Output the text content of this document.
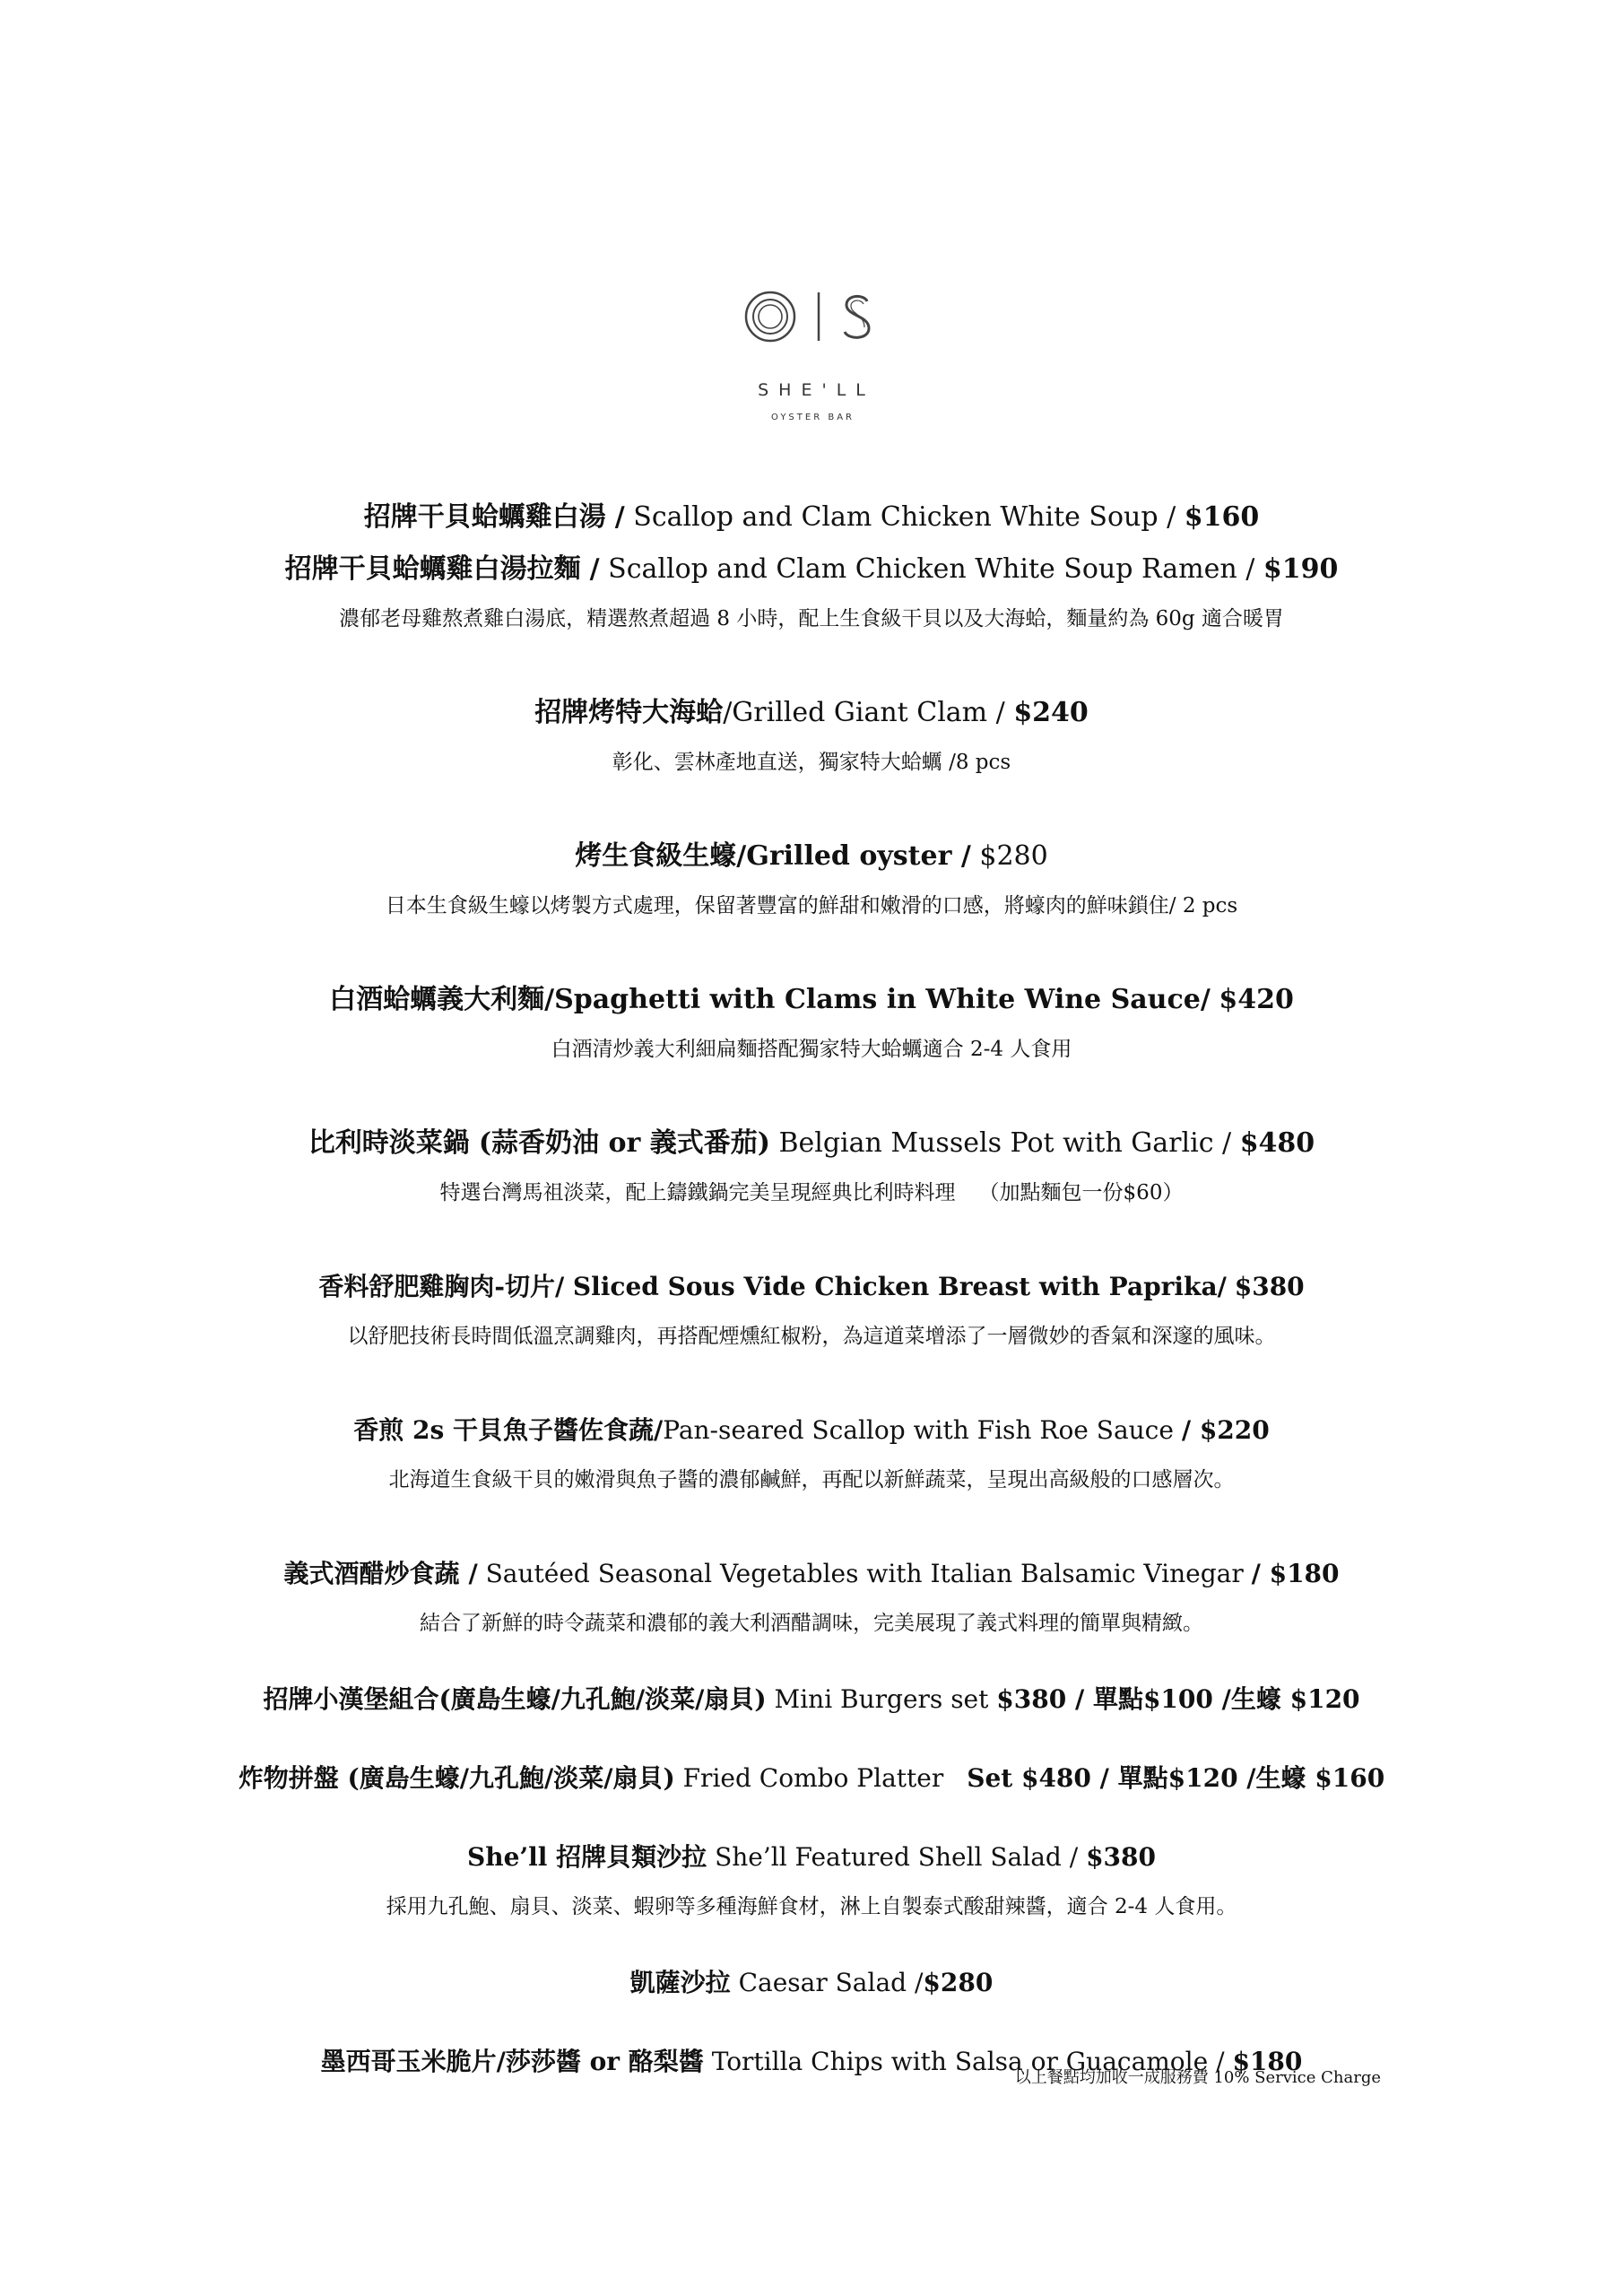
SHE'LL
OYSTER BAR
招牌干貝蛤蠣雞白湯 / Scallop and Clam Chicken White Soup / $160
招牌干貝蛤蠣雞白湯拉麵 / Scallop and Clam Chicken White Soup Ramen / $190
濃郁老母雞熬煮雞白湯底，精選熬煮超過 8 小時，配上生食級干貝以及大海蛤，麵量約為 60g 適合暖胃
招牌烤特大海蛤/Grilled Giant Clam / $240
彰化、雲林產地直送，獨家特大蛤蠣 /8 pcs
烤生食級生蠔/Grilled oyster / $280
日本生食級生蠔以烤製方式處理，保留著豐富的鮮甜和嫩滑的口感，將蠔肉的鮮味鎖住/ 2 pcs
白酒蛤蠣義大利麵/Spaghetti with Clams in White Wine Sauce/ $420
白酒清炒義大利細扁麵搭配獨家特大蛤蠣適合 2-4 人食用
比利時淡菜鍋 (蒜香奶油 or 義式番茄) Belgian Mussels Pot with Garlic / $480
特選台灣馬祖淡菜，配上鑄鐵鍋完美呈現經典比利時料理 （加點麵包一份$60）
香料舒肥雞胸肉-切片/ Sliced Sous Vide Chicken Breast with Paprika/ $380
以舒肥技術長時間低溫烹調雞肉，再搭配煙燻紅椒粉，為這道菜增添了一層微妙的香氣和深邃的風味。
香煎 2s 干貝魚子醬佐食蔬/Pan-seared Scallop with Fish Roe Sauce / $220
北海道生食級干貝的嫩滑與魚子醬的濃郁鹹鮮，再配以新鮮蔬菜，呈現出高級般的口感層次。
義式酒醋炒食蔬 / Sautéed Seasonal Vegetables with Italian Balsamic Vinegar / $180
結合了新鮮的時令蔬菜和濃郁的義大利酒醋調味，完美展現了義式料理的簡單與精緻。
招牌小漢堡組合(廣島生蠔/九孔鮑/淡菜/扇貝) Mini Burgers set $380 / 單點$100 /生蠔 $120
炸物拼盤 (廣島生蠔/九孔鮑/淡菜/扇貝) Fried Combo Platter Set $480 / 單點$120 /生蠔 $160
She’ll 招牌貝類沙拉 She’ll Featured Shell Salad / $380
採用九孔鮑、扇貝、淡菜、蝦卵等多種海鮮食材，淋上自製泰式酸甜辣醬，適合 2-4 人食用。
凱薩沙拉 Caesar Salad /$280
墨西哥玉米脆片/莎莎醬 or 酪梨醬 Tortilla Chips with Salsa or Guacamole / $180
以上餐點均加收一成服務費 10% Service Charge
